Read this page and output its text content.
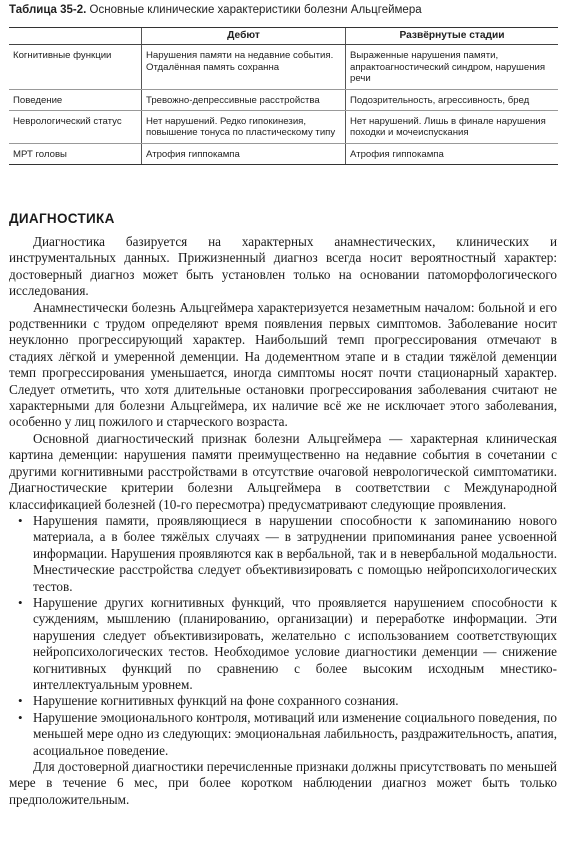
Таблица 35-2. Основные клинические характеристики болезни Альцгеймера
	Дебют	Развёрнутые стадии
Когнитивные функции	Нарушения памяти на недавние события. Отдалённая память сохранна	Выраженные нарушения памяти, апрактоагностический синдром, нарушения речи
Поведение	Тревожно-депрессивные расстройства	Подозрительность, агрессивность, бред
Неврологический статус	Нет нарушений. Редко гипокинезия, повышение тонуса по пластическому типу	Нет нарушений. Лишь в финале нарушения походки и мочеиспускания
МРТ головы	Атрофия гиппокампа	Атрофия гиппокампа
ДИАГНОСТИКА

Диагностика базируется на характерных анамнестических, клинических и инструментальных данных. Прижизненный диагноз всегда носит вероятностный характер: достоверный диагноз может быть установлен только на основании патоморфологического исследования.

Анамнестически болезнь Альцгеймера характеризуется незаметным началом: больной и его родственники с трудом определяют время появления первых симптомов. Заболевание носит неуклонно прогрессирующий характер. Наибольший темп прогрессирования отмечают в стадиях лёгкой и умеренной деменции. На додементном этапе и в стадии тяжёлой деменции темп прогрессирования уменьшается, иногда симптомы носят почти стационарный характер. Следует отметить, что хотя длительные остановки прогрессирования заболевания считают не характерными для болезни Альцгеймера, их наличие всё же не исключает этого заболевания, особенно у лиц пожилого и старческого возраста.

Основной диагностический признак болезни Альцгеймера — характерная клиническая картина деменции: нарушения памяти преимущественно на недавние события в сочетании с другими когнитивными расстройствами в отсутствие очаговой неврологической симптоматики. Диагностические критерии болезни Альцгеймера в соответствии с Международной классификацией болезней (10-го пересмотра) предусматривают следующие проявления.

• Нарушения памяти, проявляющиеся в нарушении способности к запоминанию нового материала, а в более тяжёлых случаях — в затруднении припоминания ранее усвоенной информации. Нарушения проявляются как в вербальной, так и в невербальной модальности. Мнестические расстройства следует объективизировать с помощью нейропсихологических тестов.
• Нарушение других когнитивных функций, что проявляется нарушением способности к суждениям, мышлению (планированию, организации) и переработке информации. Эти нарушения следует объективизировать, желательно с использованием соответствующих нейропсихологических тестов. Необходимое условие диагностики деменции — снижение когнитивных функций по сравнению с более высоким исходным мнестико-интеллектуальным уровнем.
• Нарушение когнитивных функций на фоне сохранного сознания.
• Нарушение эмоционального контроля, мотиваций или изменение социального поведения, по меньшей мере одно из следующих: эмоциональная лабильность, раздражительность, апатия, асоциальное поведение.

Для достоверной диагностики перечисленные признаки должны присутствовать по меньшей мере в течение 6 мес, при более коротком наблюдении диагноз может быть только предположительным.
